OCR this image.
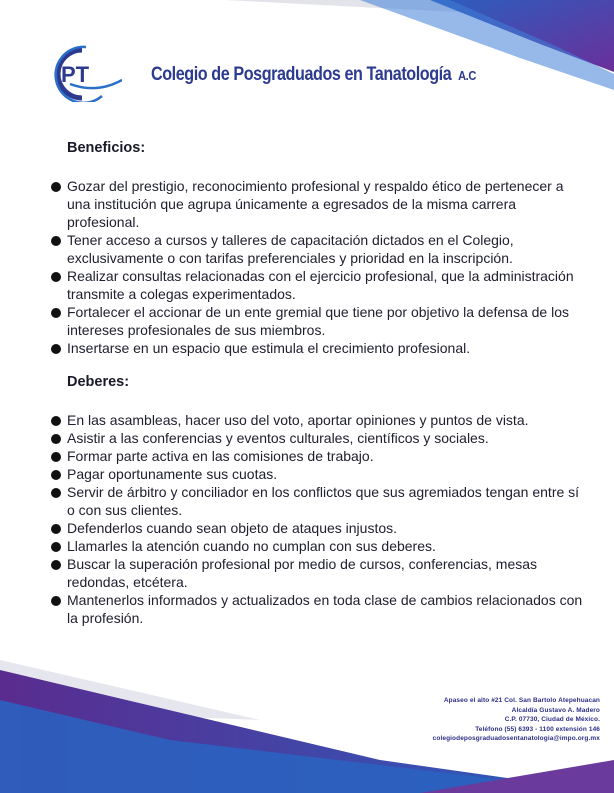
PT	Colegio de Posgraduados en Tanatología A.C
Beneficios:
Gozar del prestigio, reconocimiento profesional y respaldo ético de pertenecer a una institución que agrupa únicamente a egresados de la misma carrera profesional.
Tener acceso a cursos y talleres de capacitación dictados en el Colegio, exclusivamente o con tarifas preferenciales y prioridad en la inscripción.
Realizar consultas relacionadas con el ejercicio profesional, que la administración transmite a colegas experimentados.
Fortalecer el accionar de un ente gremial que tiene por objetivo la defensa de los intereses profesionales de sus miembros.
Insertarse en un espacio que estimula el crecimiento profesional.
Deberes:
En las asambleas, hacer uso del voto, aportar opiniones y puntos de vista.
Asistir a las conferencias y eventos culturales, científicos y sociales.
Formar parte activa en las comisiones de trabajo.
Pagar oportunamente sus cuotas.
Servir de árbitro y conciliador en los conflictos que sus agremiados tengan entre sí o con sus clientes.
Defenderlos cuando sean objeto de ataques injustos.
Llamarles la atención cuando no cumplan con sus deberes.
Buscar la superación profesional por medio de cursos, conferencias, mesas redondas, etcétera.
Mantenerlos informados y actualizados en toda clase de cambios relacionados con la profesión.
Apaseo el alto #21 Col. San Bartolo Atepehuacan
Alcaldía Gustavo A. Madero
C.P. 07730, Ciudad de México.
Teléfono (55) 6393 - 1100 extensión 146
colegiodeposgraduadosentanatologia@impo.org.mx
